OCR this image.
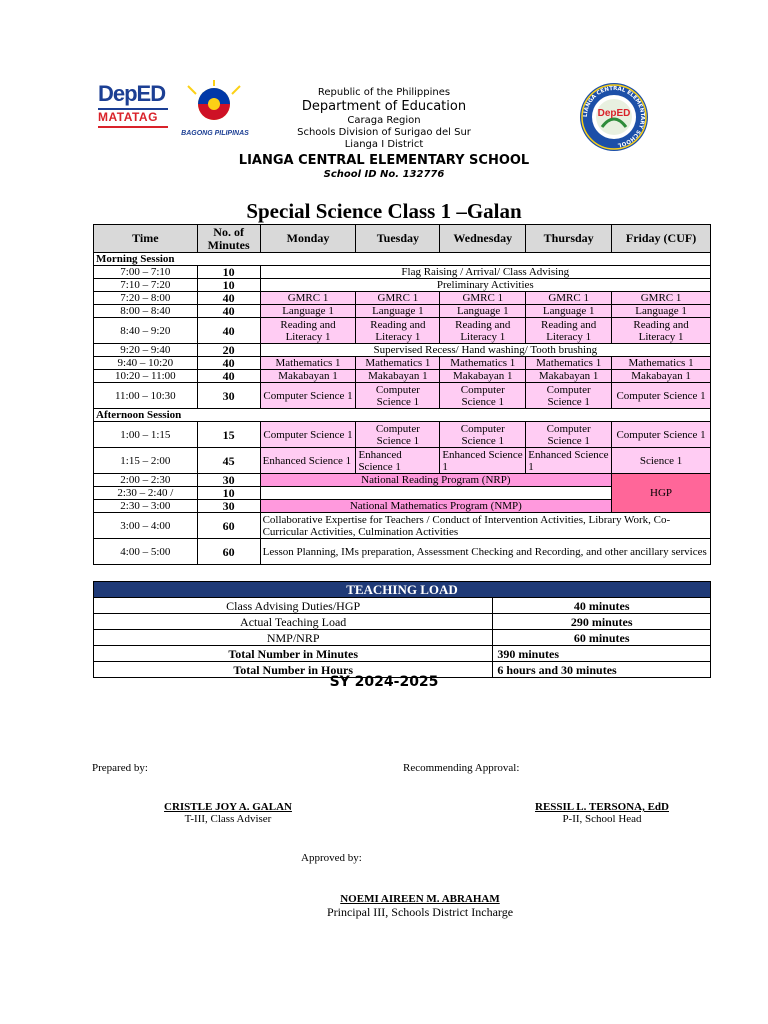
DepED
MATATAG
BAGONG PILIPINAS
DepED
LIANGA CENTRAL ELEMENTARY SCHOOL
Republic of the Philippines
Department of Education
Caraga Region
Schools Division of Surigao del Sur
Lianga I District
LIANGA CENTRAL ELEMENTARY SCHOOL
School ID No. 132776
Special Science Class 1 –Galan
Time	No. of Minutes	Monday	Tuesday	Wednesday	Thursday	Friday (CUF)
Morning Session						
7:00 – 7:10	10	Flag Raising / Arrival/ Class Advising				
7:10 – 7:20	10	Preliminary Activities				
7:20 – 8:00	40	GMRC 1	GMRC 1	GMRC 1	GMRC 1	GMRC 1
8:00 – 8:40	40	Language 1	Language 1	Language 1	Language 1	Language 1
8:40 – 9:20	40	Reading and Literacy 1	Reading and Literacy 1	Reading and Literacy 1	Reading and Literacy 1	Reading and Literacy 1
9:20 – 9:40	20	Supervised Recess/ Hand washing/ Tooth brushing				
9:40 – 10:20	40	Mathematics 1	Mathematics 1	Mathematics 1	Mathematics 1	Mathematics 1
10:20 – 11:00	40	Makabayan 1	Makabayan 1	Makabayan 1	Makabayan 1	Makabayan 1
11:00 – 10:30	30	Computer Science 1	Computer Science 1	Computer Science 1	Computer Science 1	Computer Science 1
Afternoon Session						
1:00 – 1:15	15	Computer Science 1	Computer Science 1	Computer Science 1	Computer Science 1	Computer Science 1
1:15 – 2:00	45	Enhanced Science 1	Enhanced Science 1	Enhanced Science 1	Enhanced Science 1	Science 1
2:00 – 2:30	30	National Reading Program (NRP)				HGP
2:30 – 2:40 /	10					
2:30 – 3:00	30	National Mathematics Program (NMP)				
3:00 – 4:00	60	Collaborative Expertise for Teachers / Conduct of Intervention Activities, Library Work, Co-Curricular Activities, Culmination Activities				
4:00 – 5:00	60	Lesson Planning, IMs preparation, Assessment Checking and Recording, and other ancillary services				
TEACHING LOAD	
Class Advising Duties/HGP	40 minutes
Actual Teaching Load	290 minutes
NMP/NRP	60 minutes
Total Number in Minutes	390 minutes
Total Number in Hours	6 hours and 30 minutes
SY 2024-2025
Prepared by:	Recommending Approval:
CRISTLE JOY A. GALAN
T-III, Class Adviser
RESSIL L. TERSONA, EdD
P-II, School Head
Approved by:
NOEMI AIREEN M. ABRAHAM
Principal III, Schools District Incharge
